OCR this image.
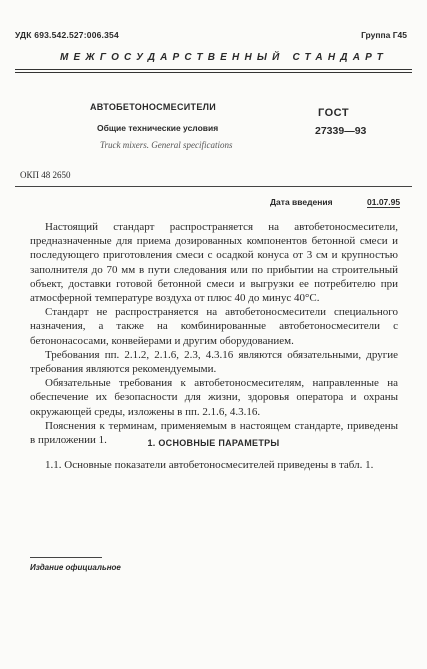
УДК 693.542.527:006.354	Группа Г45
МЕЖГОСУДАРСТВЕННЫЙ СТАНДАРТ
АВТОБЕТОНОСМЕСИТЕЛИ
Общие технические условия
Truck mixers. General specifications
ГОСТ
27339—93
ОКП 48 2650
Дата введения	01.07.95

Настоящий стандарт распространяется на автобетоносмесители, предназначенные для приема дозированных компонентов бетонной смеси и последующего приготовления смеси с осадкой конуса от 3 см и крупностью заполнителя до 70 мм в пути следования или по прибытии на строительный объект, доставки готовой бетонной смеси и выгрузки ее потребителю при атмосферной температуре воздуха от плюс 40 до минус 40°С.

Стандарт не распространяется на автобетоносмесители специального назначения, а также на комбинированные автобетоносмесители с бетононасосами, конвейерами и другим оборудованием.

Требования пп. 2.1.2, 2.1.6, 2.3, 4.3.16 являются обязательными, другие требования являются рекомендуемыми.

Обязательные требования к автобетоносмесителям, направленные на обеспечение их безопасности для жизни, здоровья оператора и охраны окружающей среды, изложены в пп. 2.1.6, 4.3.16.

Пояснения к терминам, применяемым в настоящем стандарте, приведены в приложении 1.	1. ОСНОВНЫЕ ПАРАМЕТРЫ

1.1. Основные показатели автобетоносмесителей приведены в табл. 1.

Издание официальное
